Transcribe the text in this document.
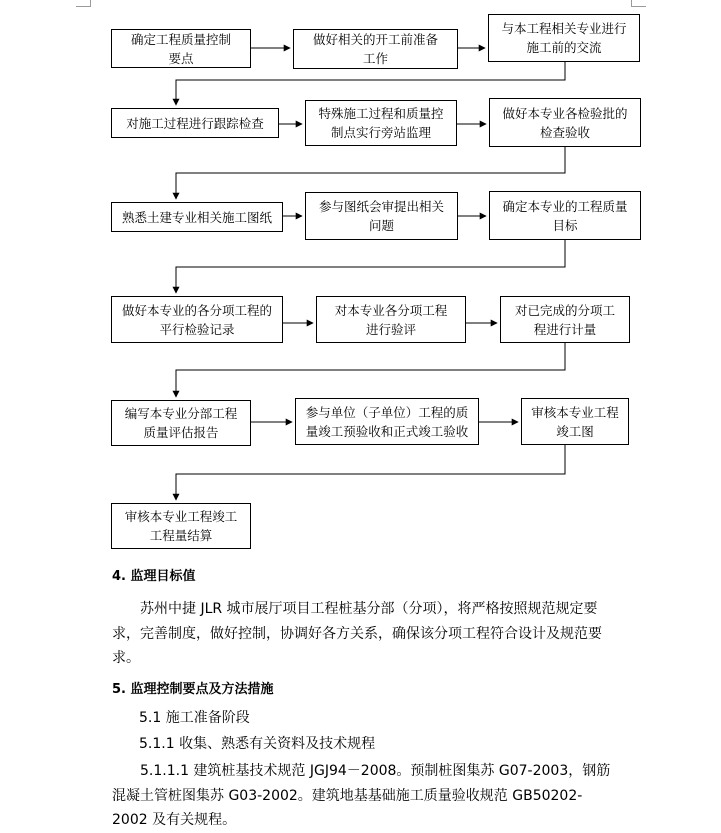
确定工程质量控制
要点
做好相关的开工前准备
工作
与本工程相关专业进行
施工前的交流
对施工过程进行跟踪检查
特殊施工过程和质量控
制点实行旁站监理
做好本专业各检验批的
检查验收
熟悉土建专业相关施工图纸
参与图纸会审提出相关
问题
确定本专业的工程质量
目标
做好本专业的各分项工程的
平行检验记录
对本专业各分项工程
进行验评
对已完成的分项工
程进行计量
编写本专业分部工程
质量评估报告
参与单位（子单位）工程的质
量竣工预验收和正式竣工验收
审核本专业工程
竣工图
审核本专业工程竣工
工程量结算
4. 监理目标值

苏州中捷 JLR 城市展厅项目工程桩基分部（分项），将严格按照规范规定要求，完善制度，做好控制，协调好各方关系，确保该分项工程符合设计及规范要求。

5. 监理控制要点及方法措施
5.1 施工准备阶段
5.1.1 收集、熟悉有关资料及技术规程

5.1.1.1 建筑桩基技术规范 JGJ94－2008。预制桩图集苏 G07-2003，钢筋混凝土管桩图集苏 G03-2002。建筑地基基础施工质量验收规范 GB50202-2002 及有关规程。
